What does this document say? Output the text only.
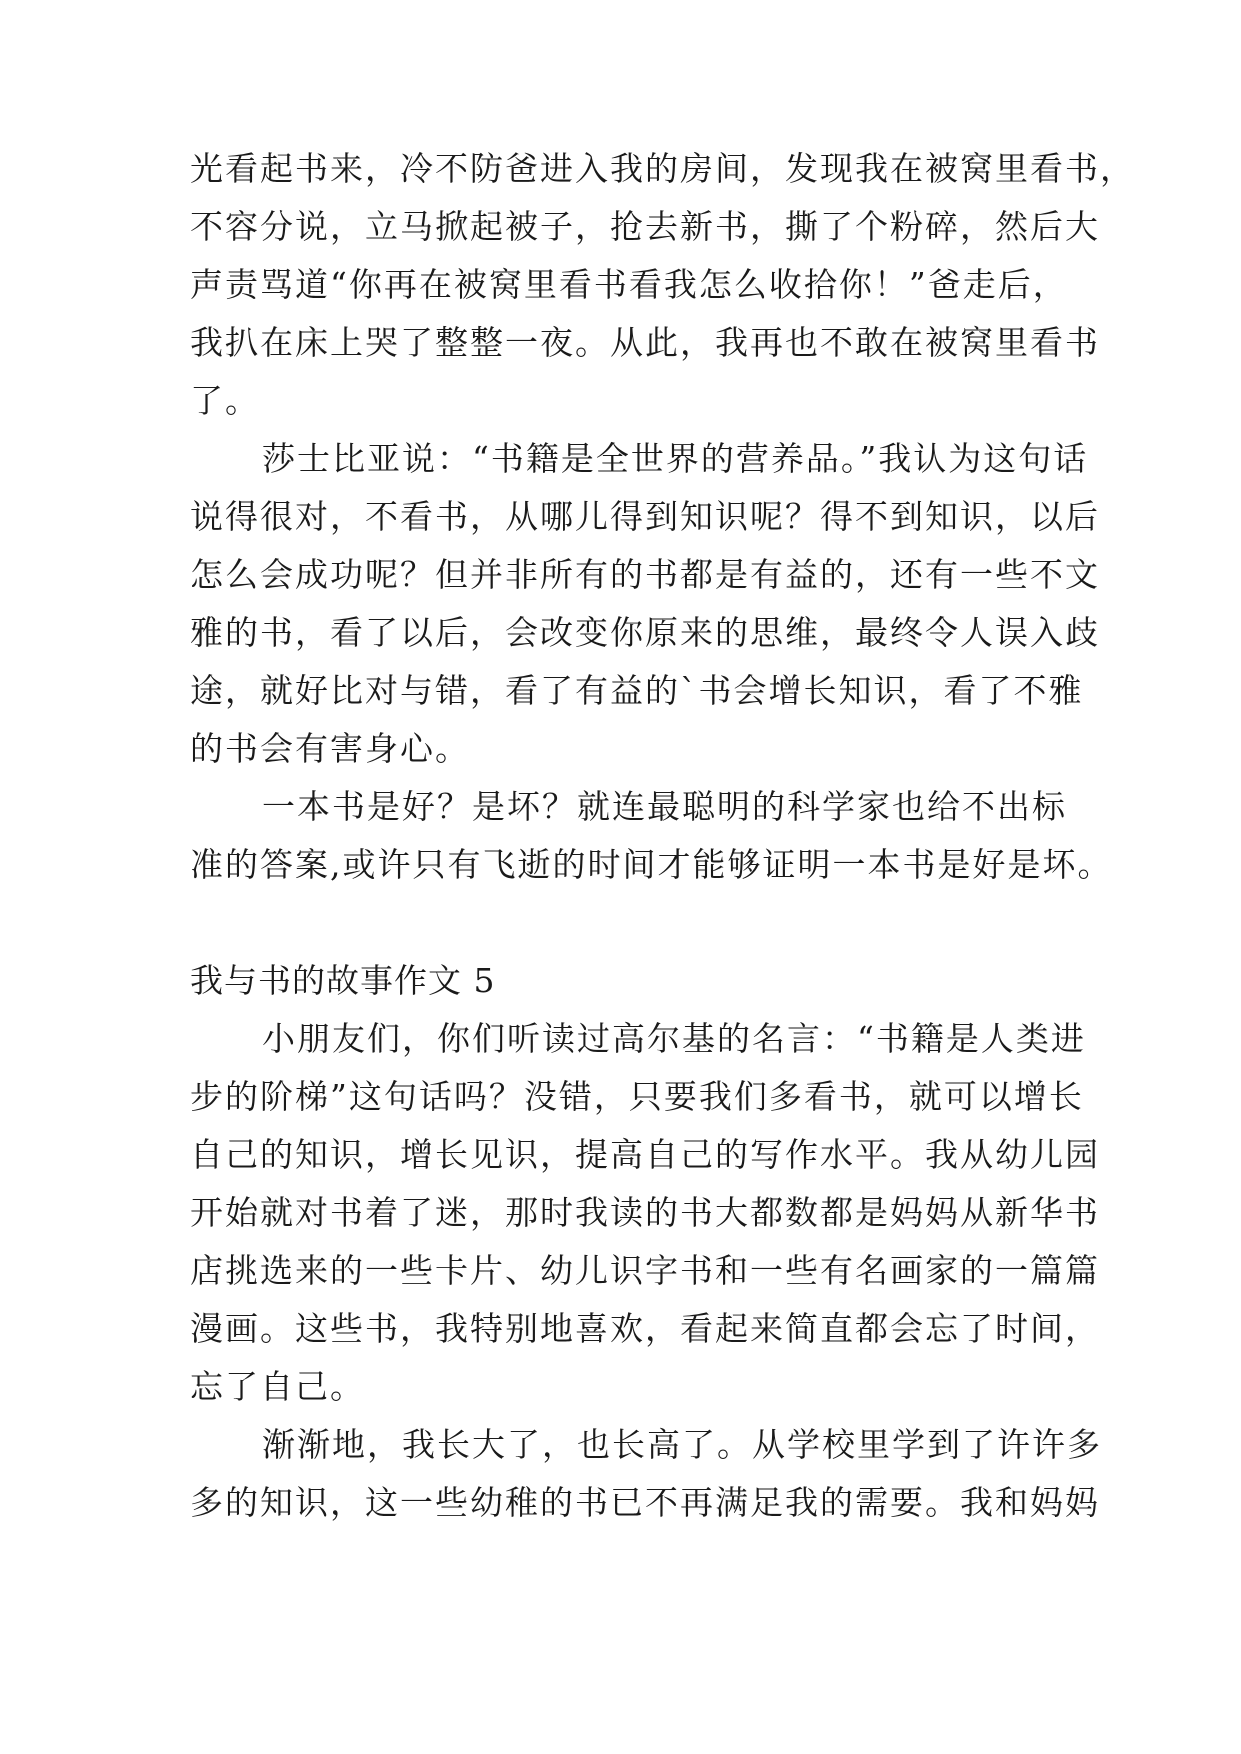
光看起书来，冷不防爸进入我的房间，发现我在被窝里看书，
不容分说，立马掀起被子，抢去新书，撕了个粉碎，然后大
声责骂道“你再在被窝里看书看我怎么收拾你！”爸走后，
我扒在床上哭了整整一夜。从此，我再也不敢在被窝里看书
了。
莎士比亚说：“书籍是全世界的营养品。”我认为这句话
说得很对，不看书，从哪儿得到知识呢？得不到知识，以后
怎么会成功呢？但并非所有的书都是有益的，还有一些不文
雅的书，看了以后，会改变你原来的思维，最终令人误入歧
途，就好比对与错，看了有益的`书会增长知识，看了不雅
的书会有害身心。
一本书是好？是坏？就连最聪明的科学家也给不出标
准的答案,或许只有飞逝的时间才能够证明一本书是好是坏。
我与书的故事作文 5
小朋友们，你们听读过高尔基的名言：“书籍是人类进
步的阶梯”这句话吗？没错，只要我们多看书，就可以增长
自己的知识，增长见识，提高自己的写作水平。我从幼儿园
开始就对书着了迷，那时我读的书大都数都是妈妈从新华书
店挑选来的一些卡片、幼儿识字书和一些有名画家的一篇篇
漫画。这些书，我特别地喜欢，看起来简直都会忘了时间，
忘了自己。
渐渐地，我长大了，也长高了。从学校里学到了许许多
多的知识，这一些幼稚的书已不再满足我的需要。我和妈妈
